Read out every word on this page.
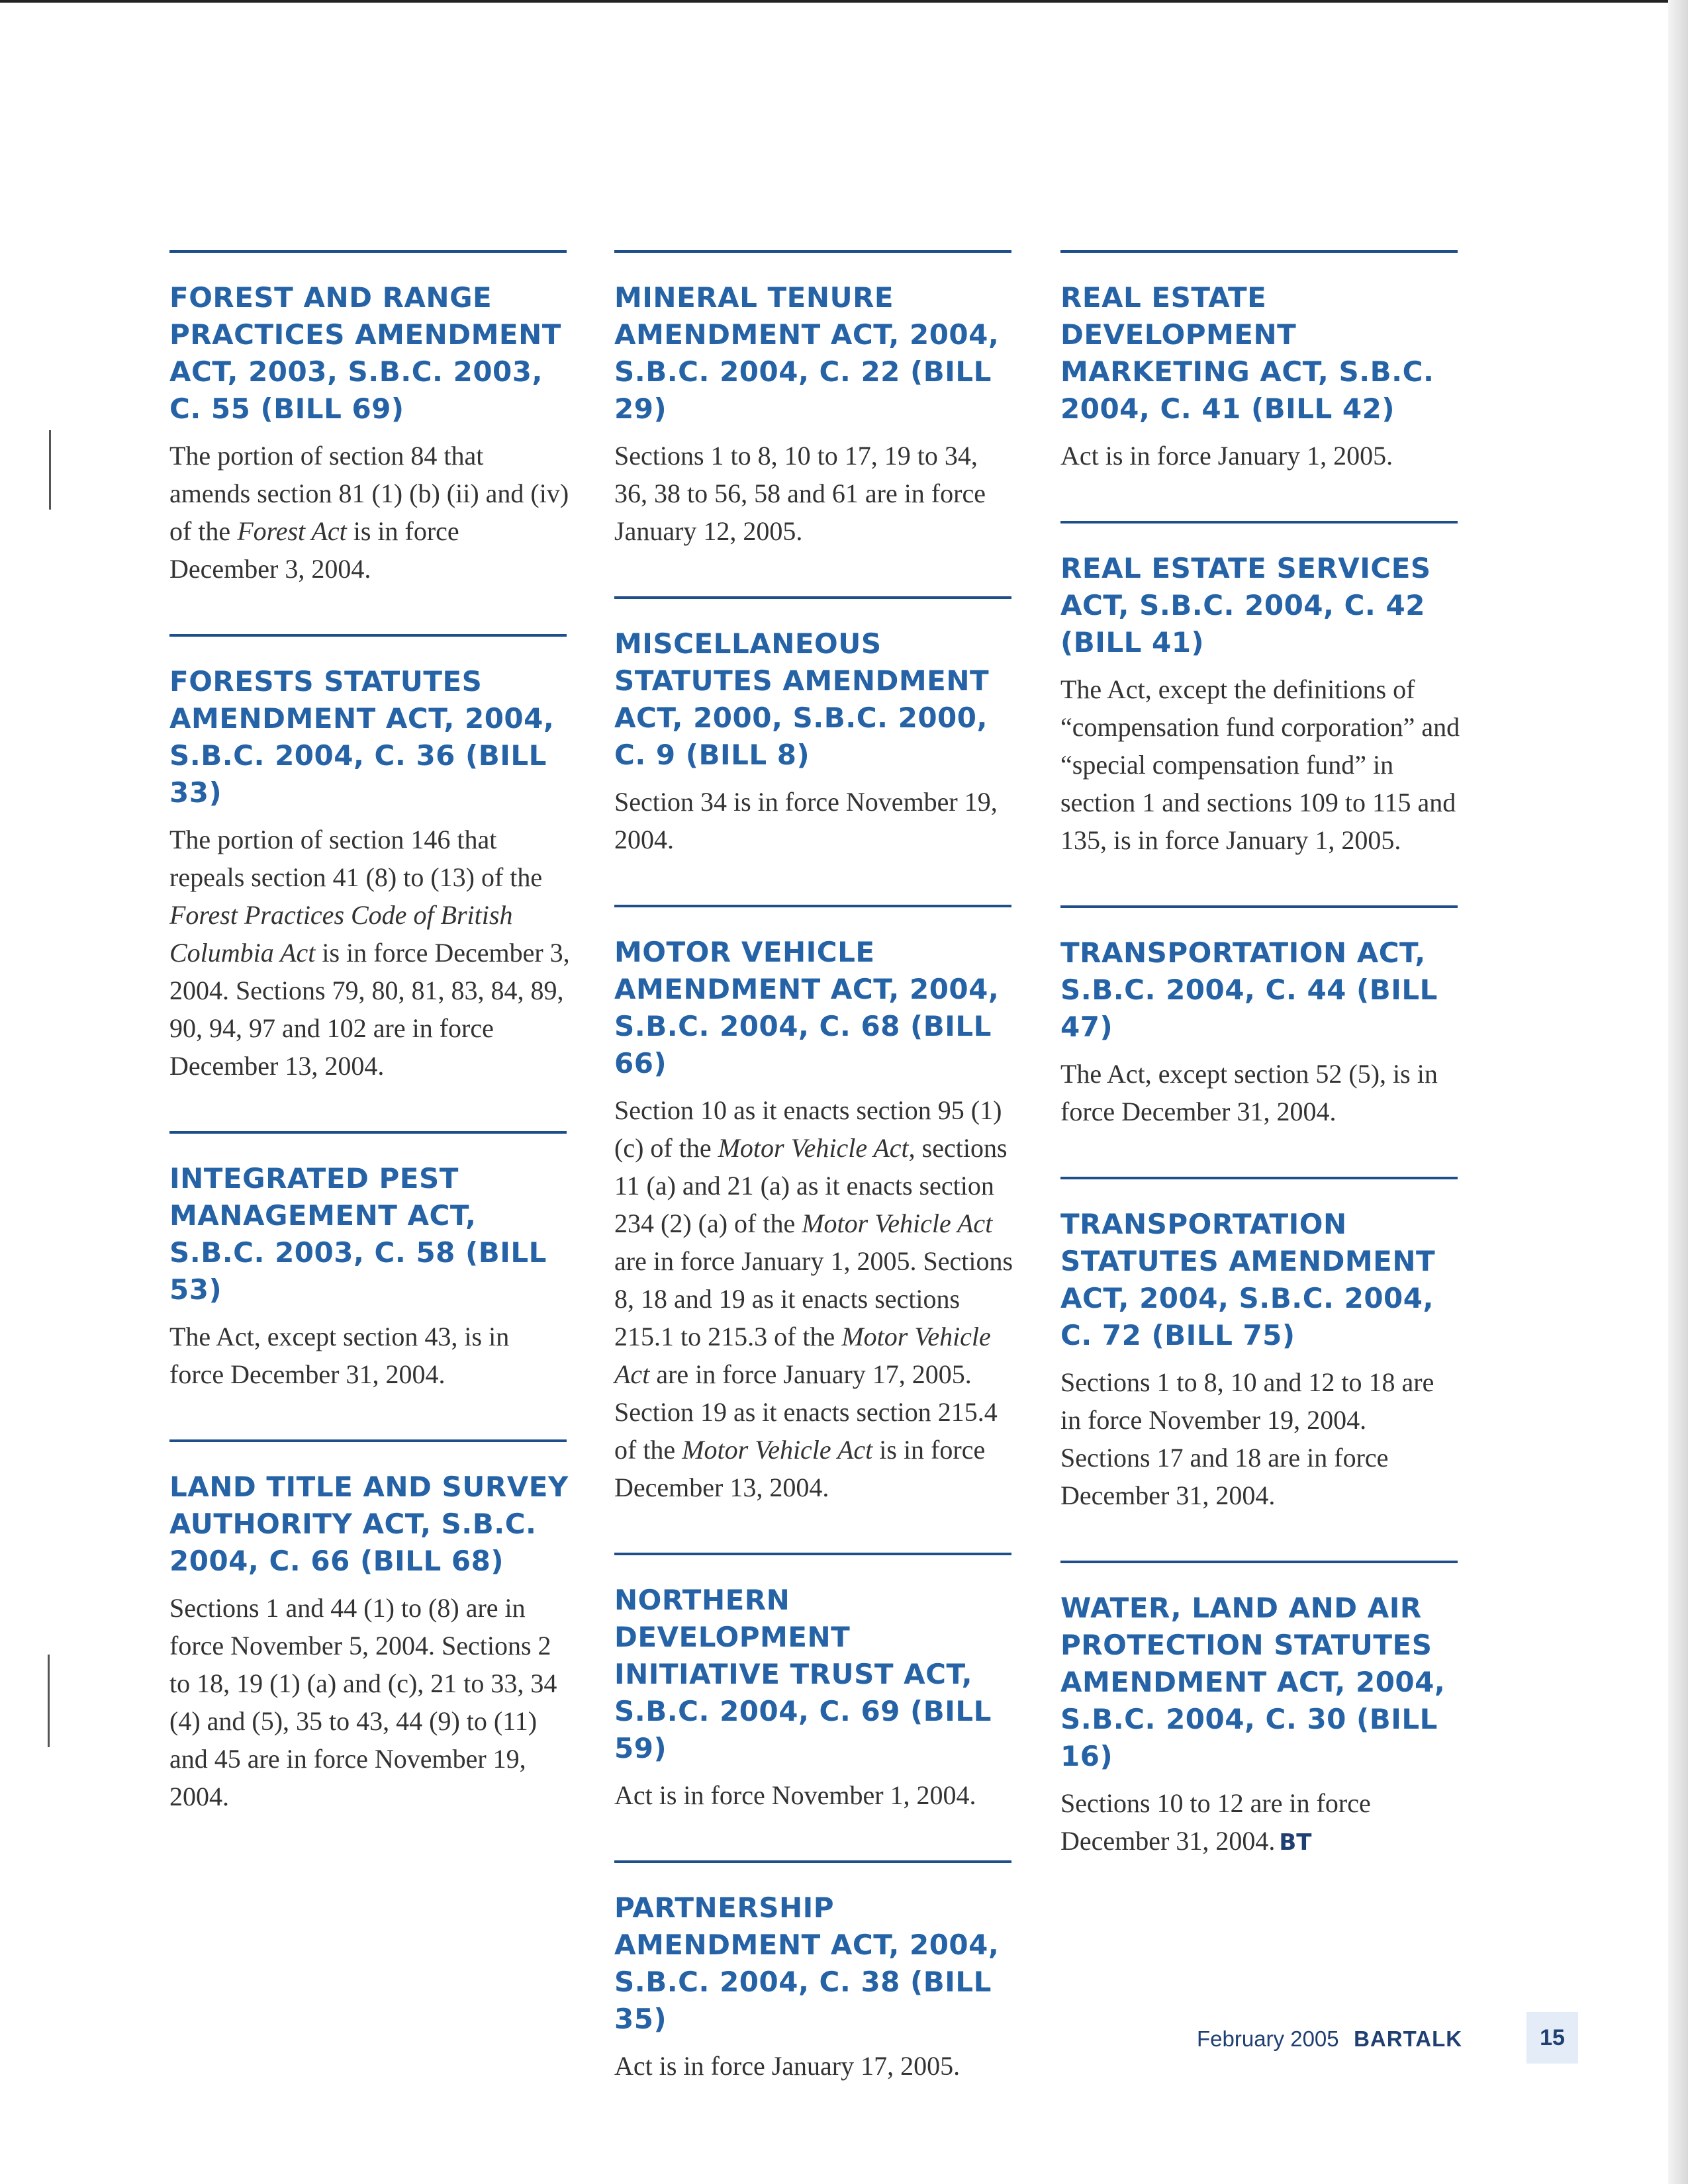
FOREST AND RANGE PRACTICES AMENDMENT ACT, 2003, S.B.C. 2003, C. 55 (BILL 69)

The portion of section 84 that amends section 81 (1) (b) (ii) and (iv) of the Forest Act is in force December 3, 2004.

FORESTS STATUTES AMENDMENT ACT, 2004, S.B.C. 2004, C. 36 (BILL 33)

The portion of section 146 that repeals section 41 (8) to (13) of the Forest Practices Code of British Columbia Act is in force December 3, 2004. Sections 79, 80, 81, 83, 84, 89, 90, 94, 97 and 102 are in force December 13, 2004.

INTEGRATED PEST MANAGEMENT ACT, S.B.C. 2003, C. 58 (BILL 53)

The Act, except section 43, is in force December 31, 2004.

LAND TITLE AND SURVEY AUTHORITY ACT, S.B.C. 2004, C. 66 (BILL 68)

Sections 1 and 44 (1) to (8) are in force November 5, 2004. Sections 2 to 18, 19 (1) (a) and (c), 21 to 33, 34 (4) and (5), 35 to 43, 44 (9) to (11) and 45 are in force November 19, 2004.

MINERAL TENURE AMENDMENT ACT, 2004, S.B.C. 2004, C. 22 (BILL 29)

Sections 1 to 8, 10 to 17, 19 to 34, 36, 38 to 56, 58 and 61 are in force January 12, 2005.

MISCELLANEOUS STATUTES AMENDMENT ACT, 2000, S.B.C. 2000, C. 9 (BILL 8)

Section 34 is in force November 19, 2004.

MOTOR VEHICLE AMENDMENT ACT, 2004, S.B.C. 2004, C. 68 (BILL 66)

Section 10 as it enacts section 95 (1) (c) of the Motor Vehicle Act, sections 11 (a) and 21 (a) as it enacts section 234 (2) (a) of the Motor Vehicle Act are in force January 1, 2005. Sections 8, 18 and 19 as it enacts sections 215.1 to 215.3 of the Motor Vehicle Act are in force January 17, 2005. Section 19 as it enacts section 215.4 of the Motor Vehicle Act is in force December 13, 2004.

NORTHERN DEVELOPMENT INITIATIVE TRUST ACT, S.B.C. 2004, C. 69 (BILL 59)

Act is in force November 1, 2004.

PARTNERSHIP AMENDMENT ACT, 2004, S.B.C. 2004, C. 38 (BILL 35)

Act is in force January 17, 2005.

REAL ESTATE DEVELOPMENT MARKETING ACT, S.B.C. 2004, C. 41 (BILL 42)

Act is in force January 1, 2005.

REAL ESTATE SERVICES ACT, S.B.C. 2004, C. 42 (BILL 41)

The Act, except the definitions of “compensation fund corporation” and “special compensation fund” in section 1 and sections 109 to 115 and 135, is in force January 1, 2005.

TRANSPORTATION ACT, S.B.C. 2004, C. 44 (BILL 47)

The Act, except section 52 (5), is in force December 31, 2004.

TRANSPORTATION STATUTES AMENDMENT ACT, 2004, S.B.C. 2004, C. 72 (BILL 75)

Sections 1 to 8, 10 and 12 to 18 are in force November 19, 2004. Sections 17 and 18 are in force December 31, 2004.

WATER, LAND AND AIR PROTECTION STATUTES AMENDMENT ACT, 2004, S.B.C. 2004, C. 30 (BILL 16)

Sections 10 to 12 are in force December 31, 2004. BT

February 2005 BARTALK	15
